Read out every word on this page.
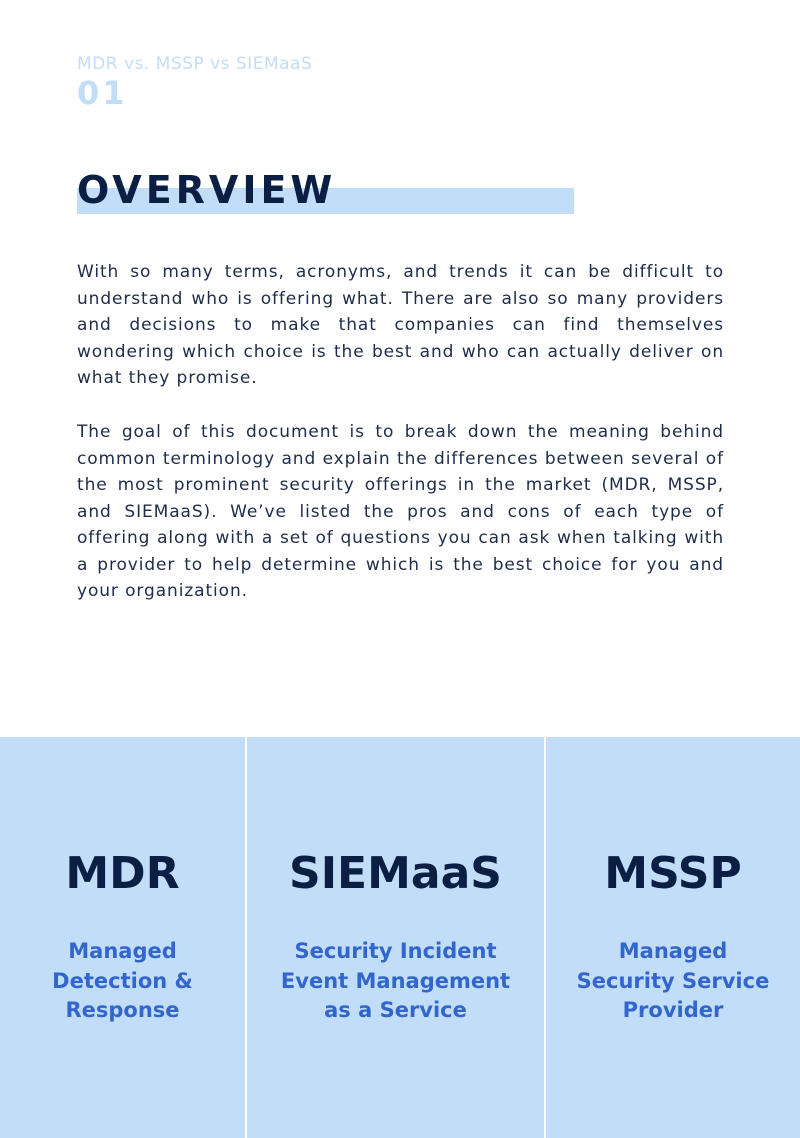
MDR vs. MSSP vs SIEMaaS
01
OVERVIEW

With so many terms, acronyms, and trends it can be difficult to understand who is offering what. There are also so many providers and decisions to make that companies can find themselves wondering which choice is the best and who can actually deliver on what they promise.

The goal of this document is to break down the meaning behind common terminology and explain the differences between several of the most prominent security offerings in the market (MDR, MSSP, and SIEMaaS). We’ve listed the pros and cons of each type of offering along with a set of questions you can ask when talking with a provider to help determine which is the best choice for you and your organization.

MDR
Managed
Detection &
Response
SIEMaaS
Security Incident
Event Management
as a Service
MSSP
Managed
Security Service
Provider
